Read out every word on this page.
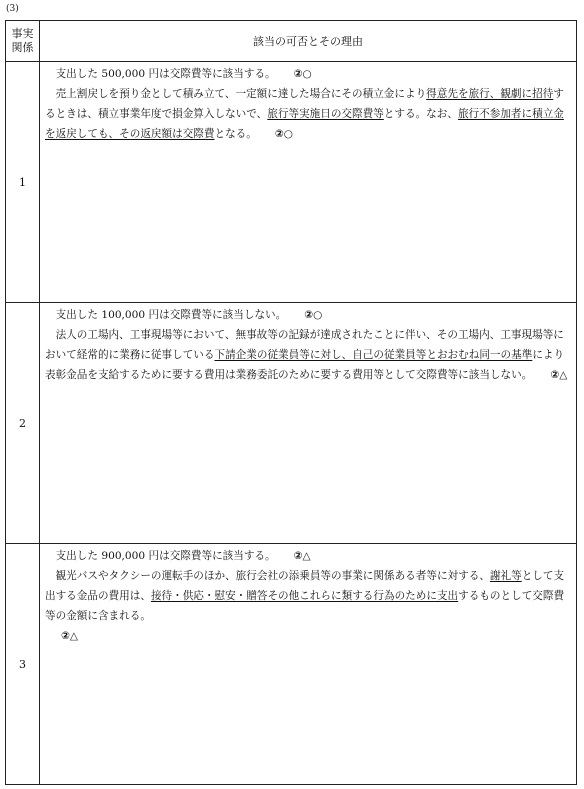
(3)
事実
関係	該当の可否とその理由
1	支出した 500,000 円は交際費等に該当する。 ②○

売上割戻しを預り金として積み立て、一定額に達した場合にその積立金により得意先を旅行、観劇に招待するときは、積立事業年度で損金算入しないで、旅行等実施日の交際費等とする。なお、旅行不参加者に積立金を返戻しても、その返戻額は交際費となる。 ②○

2	支出した 100,000 円は交際費等に該当しない。 ②○

法人の工場内、工事現場等において、無事故等の記録が達成されたことに伴い、その工場内、工事現場等において経常的に業務に従事している下請企業の従業員等に対し、自己の従業員等とおおむね同一の基準により表彰金品を支給するために要する費用は業務委託のために要する費用等として交際費等に該当しない。 ②△

3	支出した 900,000 円は交際費等に該当する。 ②△

観光バスやタクシーの運転手のほか、旅行会社の添乗員等の事業に関係ある者等に対する、謝礼等として支出する金品の費用は、接待・供応・慰安・贈答その他これらに類する行為のために支出するものとして交際費等の金額に含まれる。

②△
